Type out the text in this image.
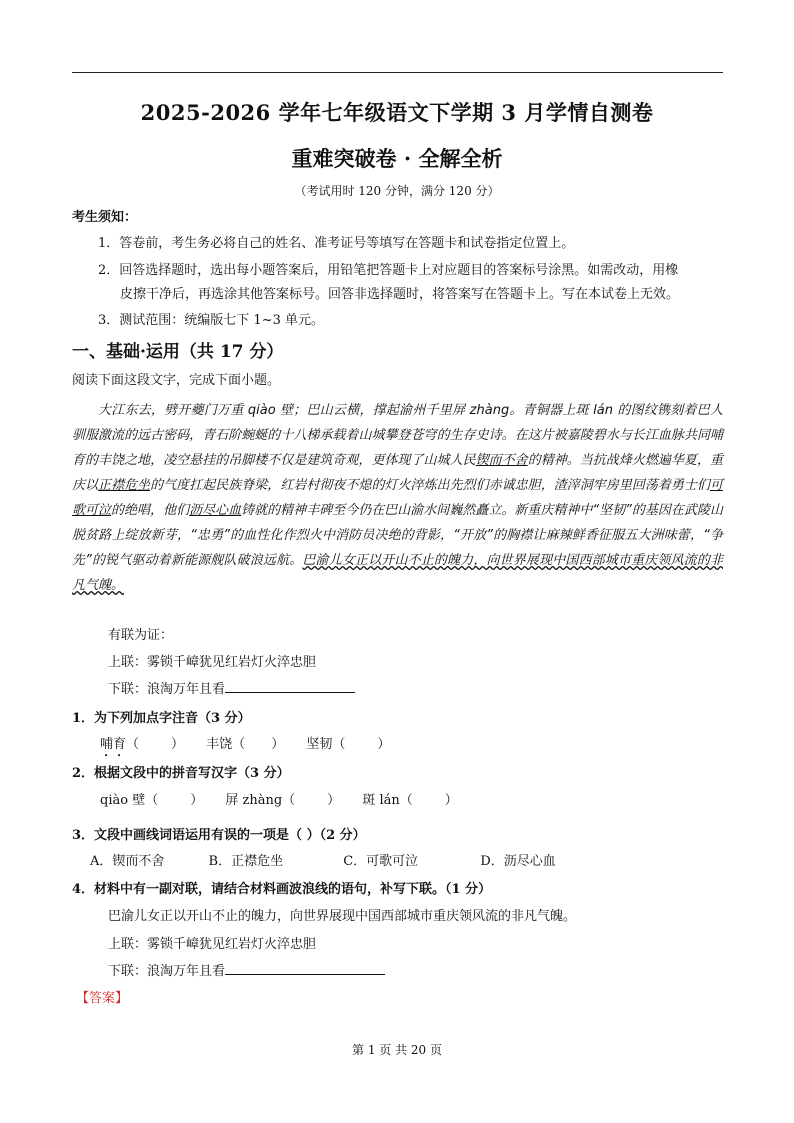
2025-2026 学年七年级语文下学期 3 月学情自测卷
重难突破卷 · 全解全析
（考试用时 120 分钟，满分 120 分）
考生须知：
1．答卷前，考生务必将自己的姓名、准考证号等填写在答题卡和试卷指定位置上。
2．回答选择题时，选出每小题答案后，用铅笔把答题卡上对应题目的答案标号涂黑。如需改动，用橡
皮擦干净后，再选涂其他答案标号。回答非选择题时，将答案写在答题卡上。写在本试卷上无效。
3．测试范围：统编版七下 1~3 单元。
一、基础·运用（共 17 分）
阅读下面这段文字，完成下面小题。
大江东去，劈开夔门万重 qiào 壁；巴山云横，撑起渝州千里屏 zhàng。青铜器上斑 lán 的图纹镌刻着巴人驯服激流的远古密码，青石阶蜿蜒的十八梯承载着山城攀登苍穹的生存史诗。在这片被嘉陵碧水与长江血脉共同哺育的丰饶之地，凌空悬挂的吊脚楼不仅是建筑奇观，更体现了山城人民锲而不舍的精神。当抗战烽火燃遍华夏，重庆以正襟危坐的气度扛起民族脊梁，红岩村彻夜不熄的灯火淬炼出先烈们赤诚忠胆，渣滓洞牢房里回荡着勇士们可歌可泣的绝唱，他们沥尽心血铸就的精神丰碑至今仍在巴山渝水间巍然矗立。新重庆精神中“坚韧”的基因在武陵山脱贫路上绽放新芽，“忠勇”的血性化作烈火中消防员决绝的背影，“开放”的胸襟让麻辣鲜香征服五大洲味蕾，“争先”的锐气驱动着新能源舰队破浪远航。巴渝儿女正以开山不止的魄力，向世界展现中国西部城市重庆领风流的非凡气魄。
有联为证：
上联：雾锁千嶂犹见红岩灯火淬忠胆
下联：浪淘万年且看
1．为下列加点字注音（3 分）
哺育（ ） 丰饶（ ） 坚韧（ ）
2．根据文段中的拼音写汉字（3 分）
qiào 壁（ ） 屏 zhàng（ ） 斑 lán（ ）
3．文段中画线词语运用有误的一项是（ ）（2 分）
A．锲而不舍	B．正襟危坐	C．可歌可泣	D．沥尽心血
4．材料中有一副对联，请结合材料画波浪线的语句，补写下联。（1 分）
巴渝儿女正以开山不止的魄力，向世界展现中国西部城市重庆领风流的非凡气魄。
上联：雾锁千嶂犹见红岩灯火淬忠胆
下联：浪淘万年且看
【答案】
第 1 页 共 20 页
